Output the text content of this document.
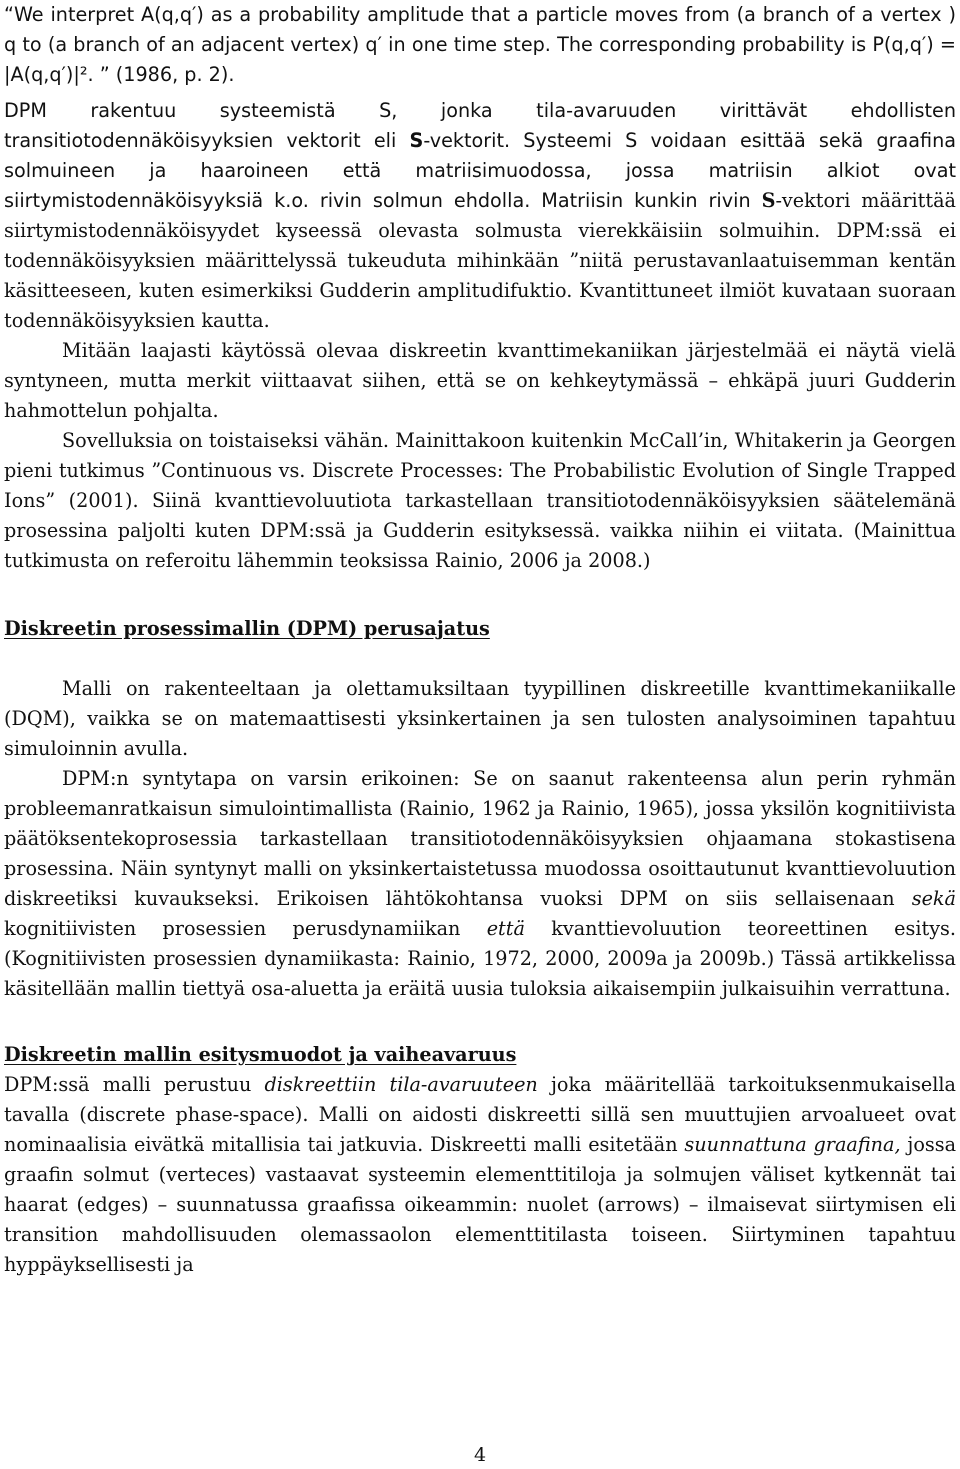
“We interpret A(q,q′) as a probability amplitude that a particle moves from (a branch of a vertex ) q to (a branch of an adjacent vertex) q′ in one time step. The corresponding probability is P(q,q′) = |A(q,q′)|². ” (1986, p. 2).

DPM rakentuu systeemistä S, jonka tila-avaruuden virittävät ehdollisten transitiotodennäköisyyksien vektorit eli S-vektorit. Systeemi S voidaan esittää sekä graafina solmuineen ja haaroineen että matriisimuodossa, jossa matriisin alkiot ovat siirtymistodennäköisyyksiä k.o. rivin solmun ehdolla. Matriisin kunkin rivin S-vektori määrittää siirtymistodennäköisyydet kyseessä olevasta solmusta vierekkäisiin solmuihin. DPM:ssä ei todennäköisyyksien määrittelyssä tukeuduta mihinkään ”niitä perustavanlaatuisemman kentän käsitteeseen, kuten esimerkiksi Gudderin amplitudifuktio. Kvantittuneet ilmiöt kuvataan suoraan todennäköisyyksien kautta.

Mitään laajasti käytössä olevaa diskreetin kvanttimekaniikan järjestelmää ei näytä vielä syntyneen, mutta merkit viittaavat siihen, että se on kehkeytymässä – ehkäpä juuri Gudderin hahmottelun pohjalta.

Sovelluksia on toistaiseksi vähän. Mainittakoon kuitenkin McCall’in, Whitakerin ja Georgen pieni tutkimus ”Continuous vs. Discrete Processes: The Probabilistic Evolution of Single Trapped Ions” (2001). Siinä kvanttievoluutiota tarkastellaan transitiotodennäköisyyksien säätelemänä prosessina paljolti kuten DPM:ssä ja Gudderin esityksessä. vaikka niihin ei viitata. (Mainittua tutkimusta on referoitu lähemmin teoksissa Rainio, 2006 ja 2008.)

Diskreetin prosessimallin (DPM) perusajatus

Malli on rakenteeltaan ja olettamuksiltaan tyypillinen diskreetille kvanttimekaniikalle (DQM), vaikka se on matemaattisesti yksinkertainen ja sen tulosten analysoiminen tapahtuu simuloinnin avulla.

DPM:n syntytapa on varsin erikoinen: Se on saanut rakenteensa alun perin ryhmän probleemanratkaisun simulointimallista (Rainio, 1962 ja Rainio, 1965), jossa yksilön kognitiivista päätöksentekoprosessia tarkastellaan transitiotodennäköisyyksien ohjaamana stokastisena prosessina. Näin syntynyt malli on yksinkertaistetussa muodossa osoittautunut kvanttievoluution diskreetiksi kuvaukseksi. Erikoisen lähtökohtansa vuoksi DPM on siis sellaisenaan sekä kognitiivisten prosessien perusdynamiikan että kvanttievoluution teoreettinen esitys. (Kognitiivisten prosessien dynamiikasta: Rainio, 1972, 2000, 2009a ja 2009b.) Tässä artikkelissa käsitellään mallin tiettyä osa-aluetta ja eräitä uusia tuloksia aikaisempiin julkaisuihin verrattuna.

Diskreetin mallin esitysmuodot ja vaiheavaruus

DPM:ssä malli perustuu diskreettiin tila-avaruuteen joka määritellää tarkoituksenmukaisella tavalla (discrete phase-space). Malli on aidosti diskreetti sillä sen muuttujien arvoalueet ovat nominaalisia eivätkä mitallisia tai jatkuvia. Diskreetti malli esitetään suunnattuna graafina, jossa graafin solmut (verteces) vastaavat systeemin elementtitiloja ja solmujen väliset kytkennät tai haarat (edges) – suunnatussa graafissa oikeammin: nuolet (arrows) – ilmaisevat siirtymisen eli transition mahdollisuuden olemassaolon elementtitilasta toiseen. Siirtyminen tapahtuu hyppäyksellisesti ja

4
